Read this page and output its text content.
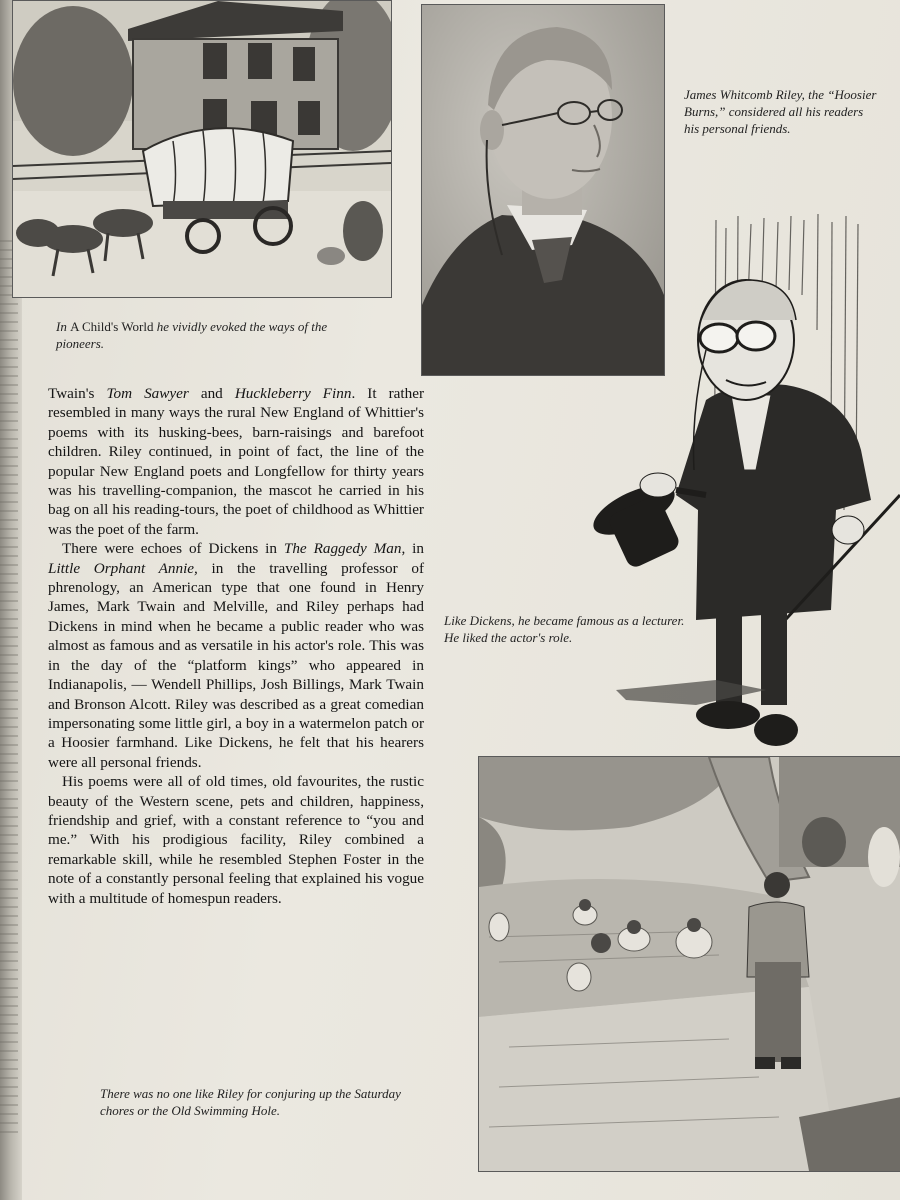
In A Child's World he vividly evoked the ways of the pioneers.

James Whitcomb Riley, the “Hoosier Burns,” considered all his readers his personal friends.

Like Dickens, he became famous as a lecturer. He liked the actor's role.

Twain's Tom Sawyer and Huckleberry Finn. It rather resembled in many ways the rural New England of Whittier's poems with its husking-bees, barn-raisings and barefoot children. Riley continued, in point of fact, the line of the popular New England poets and Longfellow for thirty years was his travelling-companion, the mascot he carried in his bag on all his reading-tours, the poet of childhood as Whittier was the poet of the farm.

There were echoes of Dickens in The Raggedy Man, in Little Orphant Annie, in the travelling professor of phrenology, an American type that one found in Henry James, Mark Twain and Melville, and Riley perhaps had Dickens in mind when he became a public reader who was almost as famous and as versatile in his actor's role. This was in the day of the “platform kings” who appeared in Indianapolis, — Wendell Phillips, Josh Billings, Mark Twain and Bronson Alcott. Riley was described as a great comedian impersonating some little girl, a boy in a watermelon patch or a Hoosier farmhand. Like Dickens, he felt that his hearers were all personal friends.

His poems were all of old times, old favourites, the rustic beauty of the Western scene, pets and children, happiness, friendship and grief, with a constant reference to “you and me.” With his prodigious facility, Riley combined a remarkable skill, while he resembled Stephen Foster in the note of a constantly personal feeling that explained his vogue with a multitude of homespun readers.

There was no one like Riley for conjuring up the Saturday chores or the Old Swimming Hole.
